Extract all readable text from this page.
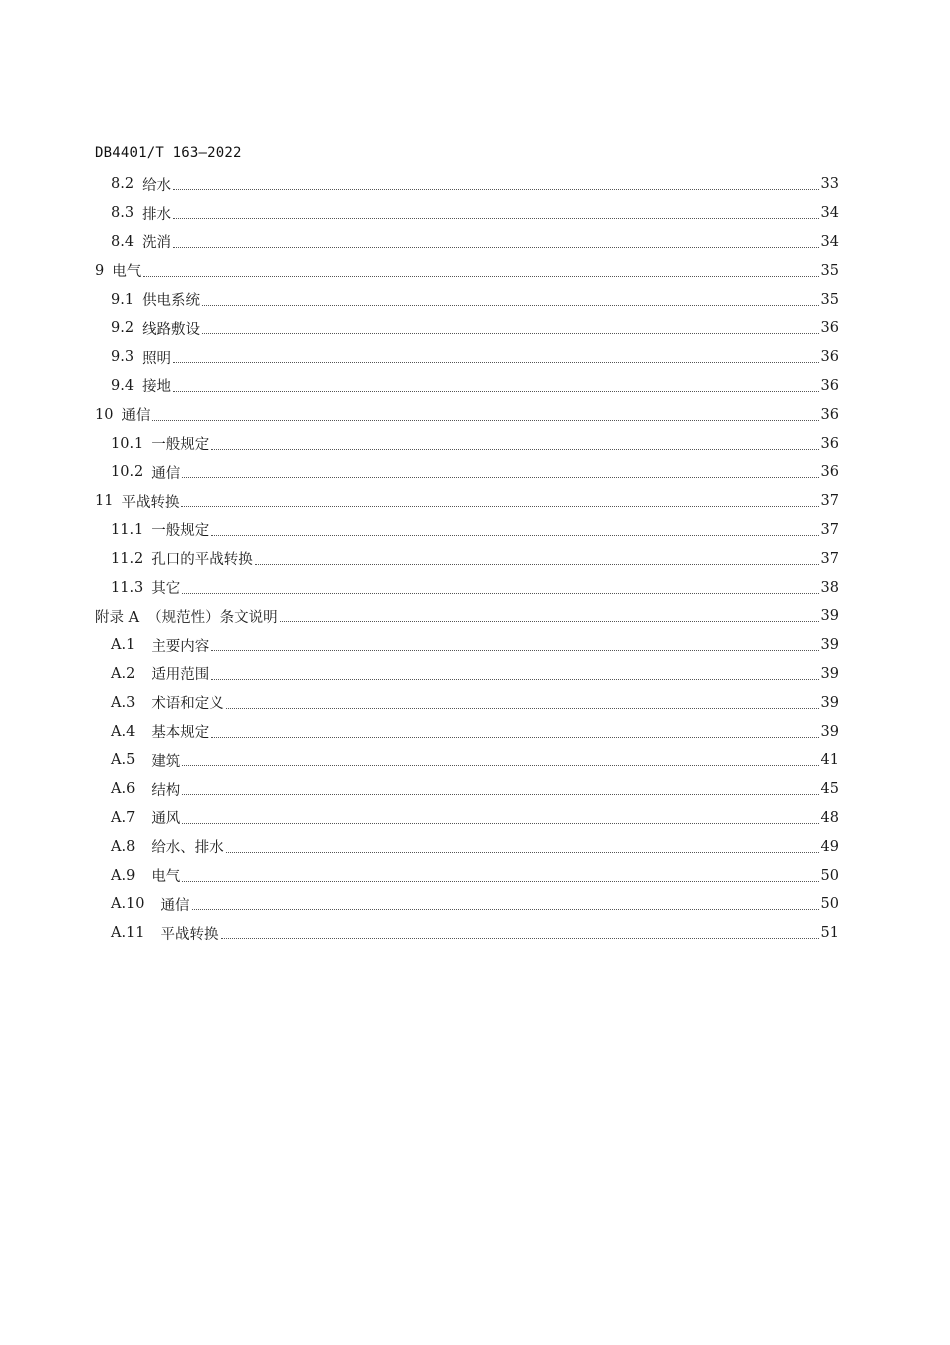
DB4401/T 163—2022
8.2 给水	33
8.3 排水	34
8.4 洗消	34
9 电气	35
9.1 供电系统	35
9.2 线路敷设	36
9.3 照明	36
9.4 接地	36
10 通信	36
10.1 一般规定	36
10.2 通信	36
11 平战转换	37
11.1 一般规定	37
11.2 孔口的平战转换	37
11.3 其它	38
附录 A （规范性）条文说明	39
A.1 主要内容	39
A.2 适用范围	39
A.3 术语和定义	39
A.4 基本规定	39
A.5 建筑	41
A.6 结构	45
A.7 通风	48
A.8 给水、排水	49
A.9 电气	50
A.10 通信	50
A.11 平战转换	51
